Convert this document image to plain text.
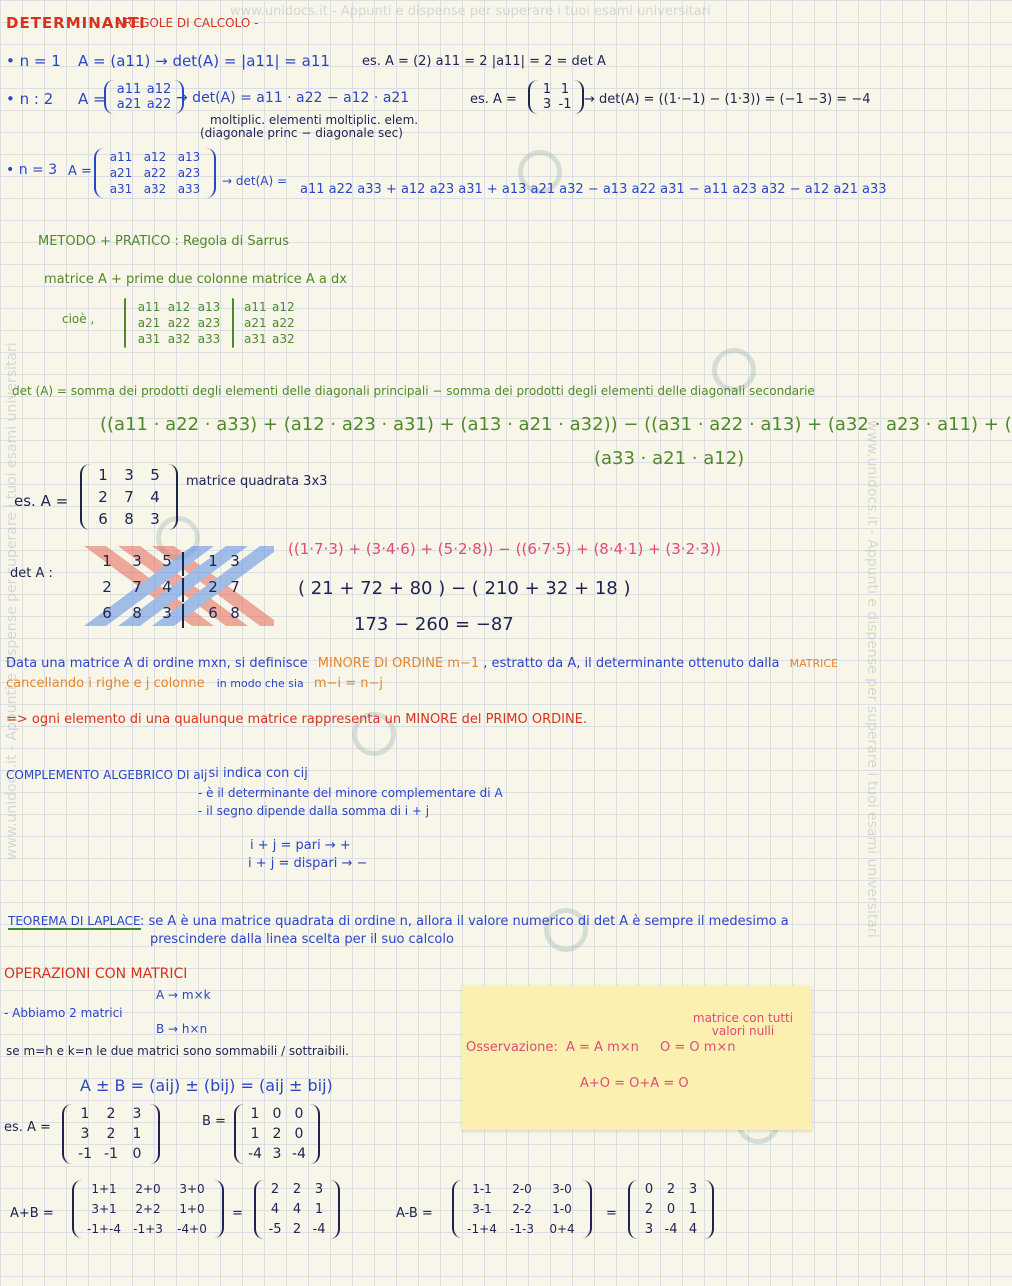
www.unidocs.it - Appunti e dispense per superare i tuoi esami universitari
www.unidocs.it - Appunti e dispense per superare i tuoi esami universitari
www.unidocs.it - Appunti e dispense per superare i tuoi esami universitari
DETERMINANTI
- REGOLE DI CALCOLO -
• n = 1 A = (a11) → det(A) = |a11| = a11 es. A = (2) a11 = 2 |a11| = 2 = det A
• n : 2 A =
a11 a12
a21 a22 → det(A) = a11 · a22 − a12 · a21
moltiplic. elementi moltiplic. elem.
(diagonale princ − diagonale sec)
es. A =
1 1
3 -1 → det(A) = ((1·−1) − (1·3)) = (−1 −3) = −4
• n = 3 A =
a11 a12 a13
a21 a22 a23
a31 a32 a33
→ det(A) =
a11 a22 a33 + a12 a23 a31 + a13 a21 a32 − a13 a22 a31 − a11 a23 a32 − a12 a21 a33
METODO + PRATICO : Regola di Sarrus
matrice A + prime due colonne matrice A a dx
cioè ,
a11 a12 a13
a21 a22 a23
a31 a32 a33
a11 a12
a21 a22
a31 a32
det (A) = somma dei prodotti degli elementi delle diagonali principali − somma dei prodotti degli elementi delle diagonali secondarie
((a11 · a22 · a33) + (a12 · a23 · a31) + (a13 · a21 · a32)) − ((a31 · a22 · a13) + (a32 · a23 · a11) + (
(a33 · a21 · a12)
es. A =
1	3	5
2	7	4
6	8	3
matrice quadrata 3x3
det A :
1	3	5	1 3
2	7	4	2 7
6	8	3	6 8
((1·7·3) + (3·4·6) + (5·2·8)) − ((6·7·5) + (8·4·1) + (3·2·3))
( 21 + 72 + 80 ) − ( 210 + 32 + 18 )
173 − 260 = −87
Data una matrice A di ordine mxn, si definisce MINORE DI ORDINE m−1 , estratto da A, il determinante ottenuto dalla MATRICE
cancellando i righe e j colonne in modo che sia m−i = n−j
=> ogni elemento di una qualunque matrice rappresenta un MINORE del PRIMO ORDINE.
COMPLEMENTO ALGEBRICO DI aij
: si indica con cij
- è il determinante del minore complementare di A
- il segno dipende dalla somma di i + j
i + j = pari → +
i + j = dispari → −
TEOREMA DI LAPLACE : se A è una matrice quadrata di ordine n, allora il valore numerico di det A è sempre il medesimo a
prescindere dalla linea scelta per il suo calcolo
OPERAZIONI CON MATRICI
- Abbiamo 2 matrici
A → m×k
B → h×n
se m=h e k=n le due matrici sono sommabili / sottraibili.
A ± B = (aij) ± (bij) = (aij ± bij)
es. A =
1	2	3
3	2	1
-1 -1	0
B =	1 0 0
1 2 0
-4 3 -4
A+B =
1+1	2+0	3+0
3+1	2+2	1+0
-1+-4	-1+3	-4+0
=
2	2	3
4	4	1
-5 2 -4
A-B =
1-1	2-0	3-0
3-1	2-2	1-0
-1+4	-1-3	0+4
=
0	2	3
2	0	1
3 -4 4
Osservazione: A = A m×n O = O m×n
matrice con tutti valori nulli
A+O = O+A = O
